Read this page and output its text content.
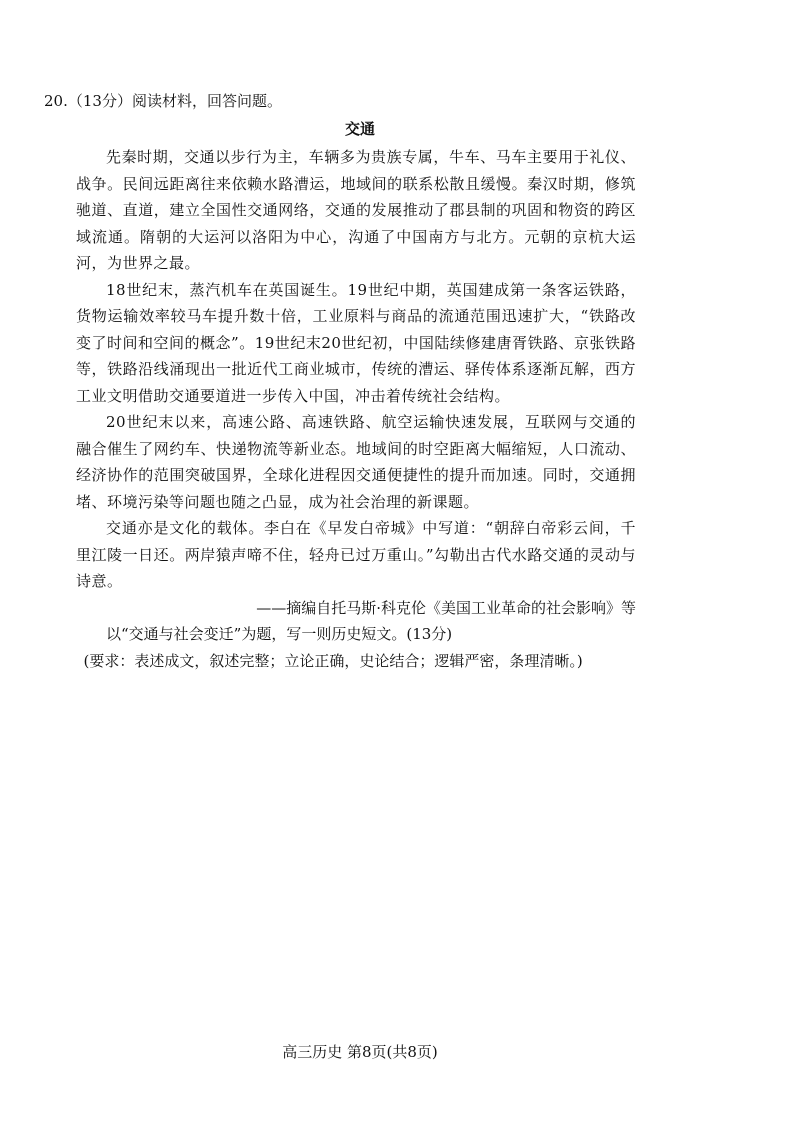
20.（13分）阅读材料，回答问题。
交通

先秦时期，交通以步行为主，车辆多为贵族专属，牛车、马车主要用于礼仪、战争。民间远距离往来依赖水路漕运，地域间的联系松散且缓慢。秦汉时期，修筑驰道、直道，建立全国性交通网络，交通的发展推动了郡县制的巩固和物资的跨区域流通。隋朝的大运河以洛阳为中心，沟通了中国南方与北方。元朝的京杭大运河，为世界之最。

18世纪末，蒸汽机车在英国诞生。19世纪中期，英国建成第一条客运铁路，货物运输效率较马车提升数十倍，工业原料与商品的流通范围迅速扩大，“铁路改变了时间和空间的概念”。19世纪末20世纪初，中国陆续修建唐胥铁路、京张铁路等，铁路沿线涌现出一批近代工商业城市，传统的漕运、驿传体系逐渐瓦解，西方工业文明借助交通要道进一步传入中国，冲击着传统社会结构。

20世纪末以来，高速公路、高速铁路、航空运输快速发展，互联网与交通的融合催生了网约车、快递物流等新业态。地域间的时空距离大幅缩短，人口流动、经济协作的范围突破国界，全球化进程因交通便捷性的提升而加速。同时，交通拥堵、环境污染等问题也随之凸显，成为社会治理的新课题。

交通亦是文化的载体。李白在《早发白帝城》中写道：“朝辞白帝彩云间，千里江陵一日还。两岸猿声啼不住，轻舟已过万重山。”勾勒出古代水路交通的灵动与诗意。

——摘编自托马斯·科克伦《美国工业革命的社会影响》等

以“交通与社会变迁”为题，写一则历史短文。(13分)

(要求：表述成文，叙述完整；立论正确，史论结合；逻辑严密，条理清晰。)

高三历史 第8页(共8页)
